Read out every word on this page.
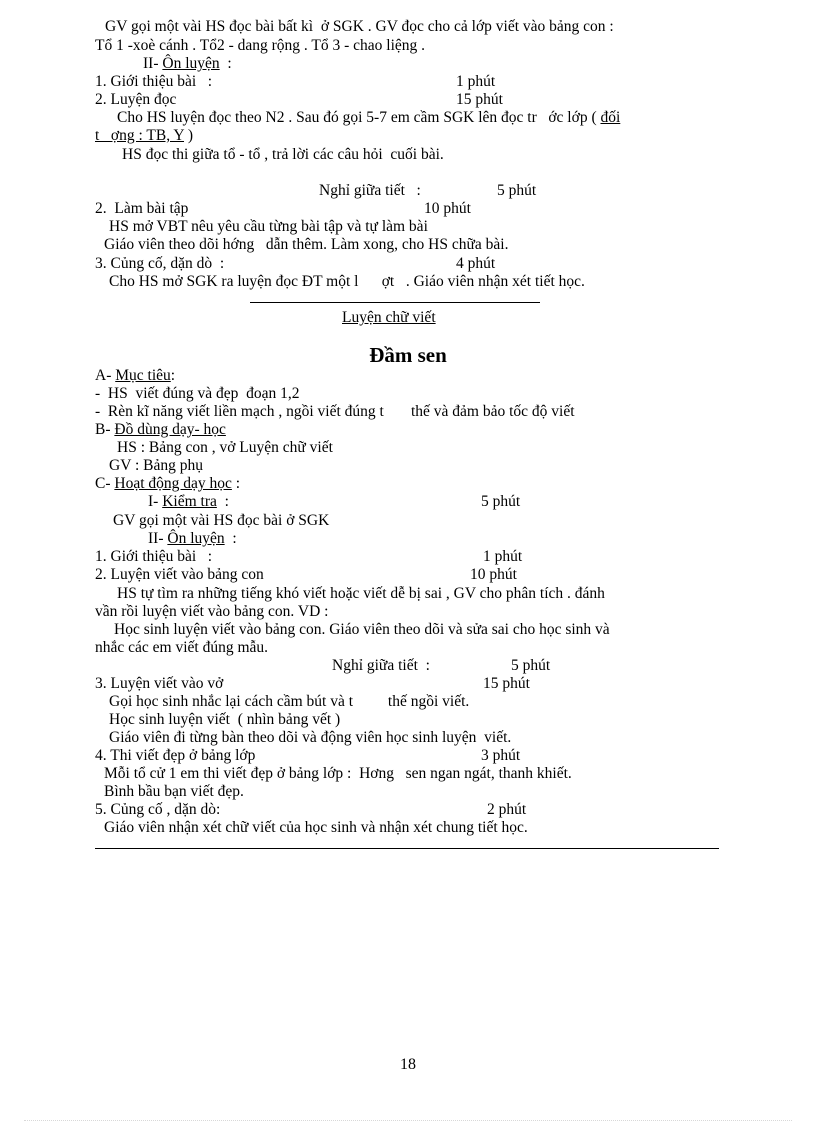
GV gọi một vài HS đọc bài bất kì  ở SGK . GV đọc cho cả lớp viết vào bảng con :
Tổ 1 -xoè cánh . Tổ2 - dang rộng . Tổ 3 - chao liệng .
II- Ôn luyện  :
1. Giới thiệu bài   :	1 phút
2. Luyện đọc	15 phút
Cho HS luyện đọc theo N2 . Sau đó gọi 5-7 em cầm SGK lên đọc tr   ớc lớp ( đối
t   ợng : TB, Y )
HS đọc thi giữa tổ - tổ , trả lời các câu hỏi  cuối bài.
Nghỉ giữa tiết   :	5 phút
2.  Làm bài tập	10 phút
HS mở VBT nêu yêu cầu từng bài tập và tự làm bài
Giáo viên theo dõi hớng   dẫn thêm. Làm xong, cho HS chữa bài.
3. Củng cố, dặn dò  :	4 phút
Cho HS mở SGK ra luyện đọc ĐT một l      ợt   . Giáo viên nhận xét tiết học.
Luyện chữ viết
Đầm sen
A- Mục tiêu:
-  HS  viết đúng và đẹp  đoạn 1,2
-  Rèn kĩ năng viết liền mạch , ngồi viết đúng t       thế và đảm bảo tốc độ viết
B- Đồ dùng dạy- học
HS : Bảng con , vở Luyện chữ viết
GV : Bảng phụ
C- Hoạt động dạy học :
I- Kiểm tra  :	5 phút
GV gọi một vài HS đọc bài ở SGK
II- Ôn luyện  :
1. Giới thiệu bài   :	1 phút
2. Luyện viết vào bảng con	10 phút
HS tự tìm ra những tiếng khó viết hoặc viết dễ bị sai , GV cho phân tích . đánh
vần rồi luyện viết vào bảng con. VD :
Học sinh luyện viết vào bảng con. Giáo viên theo dõi và sửa sai cho học sinh và
nhắc các em viết đúng mẫu.
Nghỉ giữa tiết  :	5 phút
3. Luyện viết vào vở	15 phút
Gọi học sinh nhắc lại cách cầm bút và t         thế ngồi viết.
Học sinh luyện viết  ( nhìn bảng vết )
Giáo viên đi từng bàn theo dõi và động viên học sinh luyện  viết.
4. Thi viết đẹp ở bảng lớp	3 phút
Mỗi tổ cử 1 em thi viết đẹp ở bảng lớp :  Hơng   sen ngan ngát, thanh khiết.
Bình bầu bạn viết đẹp.
5. Củng cố , dặn dò:	2 phút
Giáo viên nhận xét chữ viết của học sinh và nhận xét chung tiết học.
18
